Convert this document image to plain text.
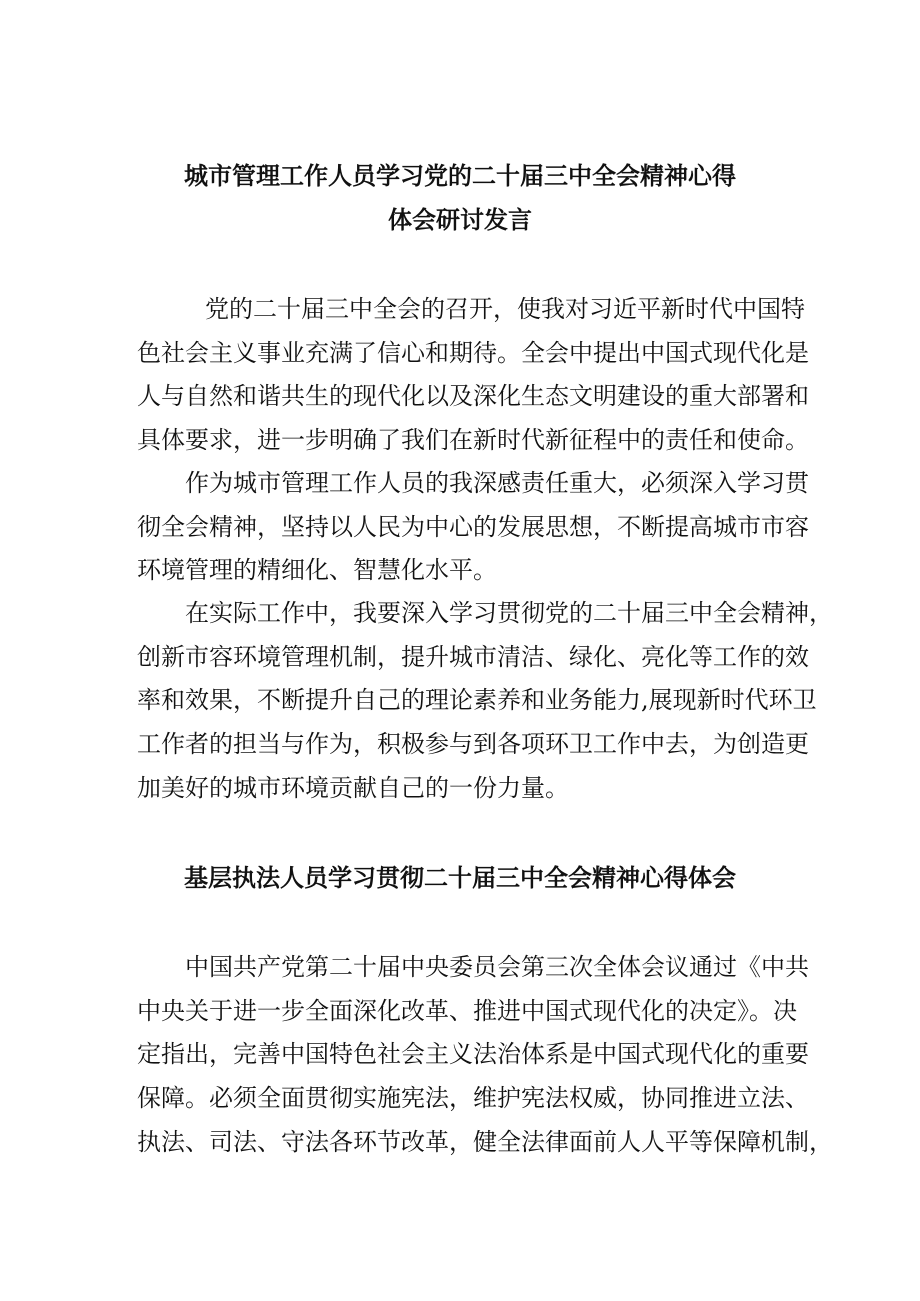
城市管理工作人员学习党的二十届三中全会精神心得
体会研讨发言
党的二十届三中全会的召开，使我对习近平新时代中国特
色社会主义事业充满了信心和期待。全会中提出中国式现代化是
人与自然和谐共生的现代化以及深化生态文明建设的重大部署和
具体要求，进一步明确了我们在新时代新征程中的责任和使命。
作为城市管理工作人员的我深感责任重大，必须深入学习贯
彻全会精神，坚持以人民为中心的发展思想，不断提高城市市容
环境管理的精细化、智慧化水平。
在实际工作中，我要深入学习贯彻党的二十届三中全会精神，
创新市容环境管理机制，提升城市清洁、绿化、亮化等工作的效
率和效果，不断提升自己的理论素养和业务能力,展现新时代环卫
工作者的担当与作为，积极参与到各项环卫工作中去，为创造更
加美好的城市环境贡献自己的一份力量。
基层执法人员学习贯彻二十届三中全会精神心得体会
中国共产党第二十届中央委员会第三次全体会议通过《中共
中央关于进一步全面深化改革、推进中国式现代化的决定》。决
定指出，完善中国特色社会主义法治体系是中国式现代化的重要
保障。必须全面贯彻实施宪法，维护宪法权威，协同推进立法、
执法、司法、守法各环节改革，健全法律面前人人平等保障机制，
